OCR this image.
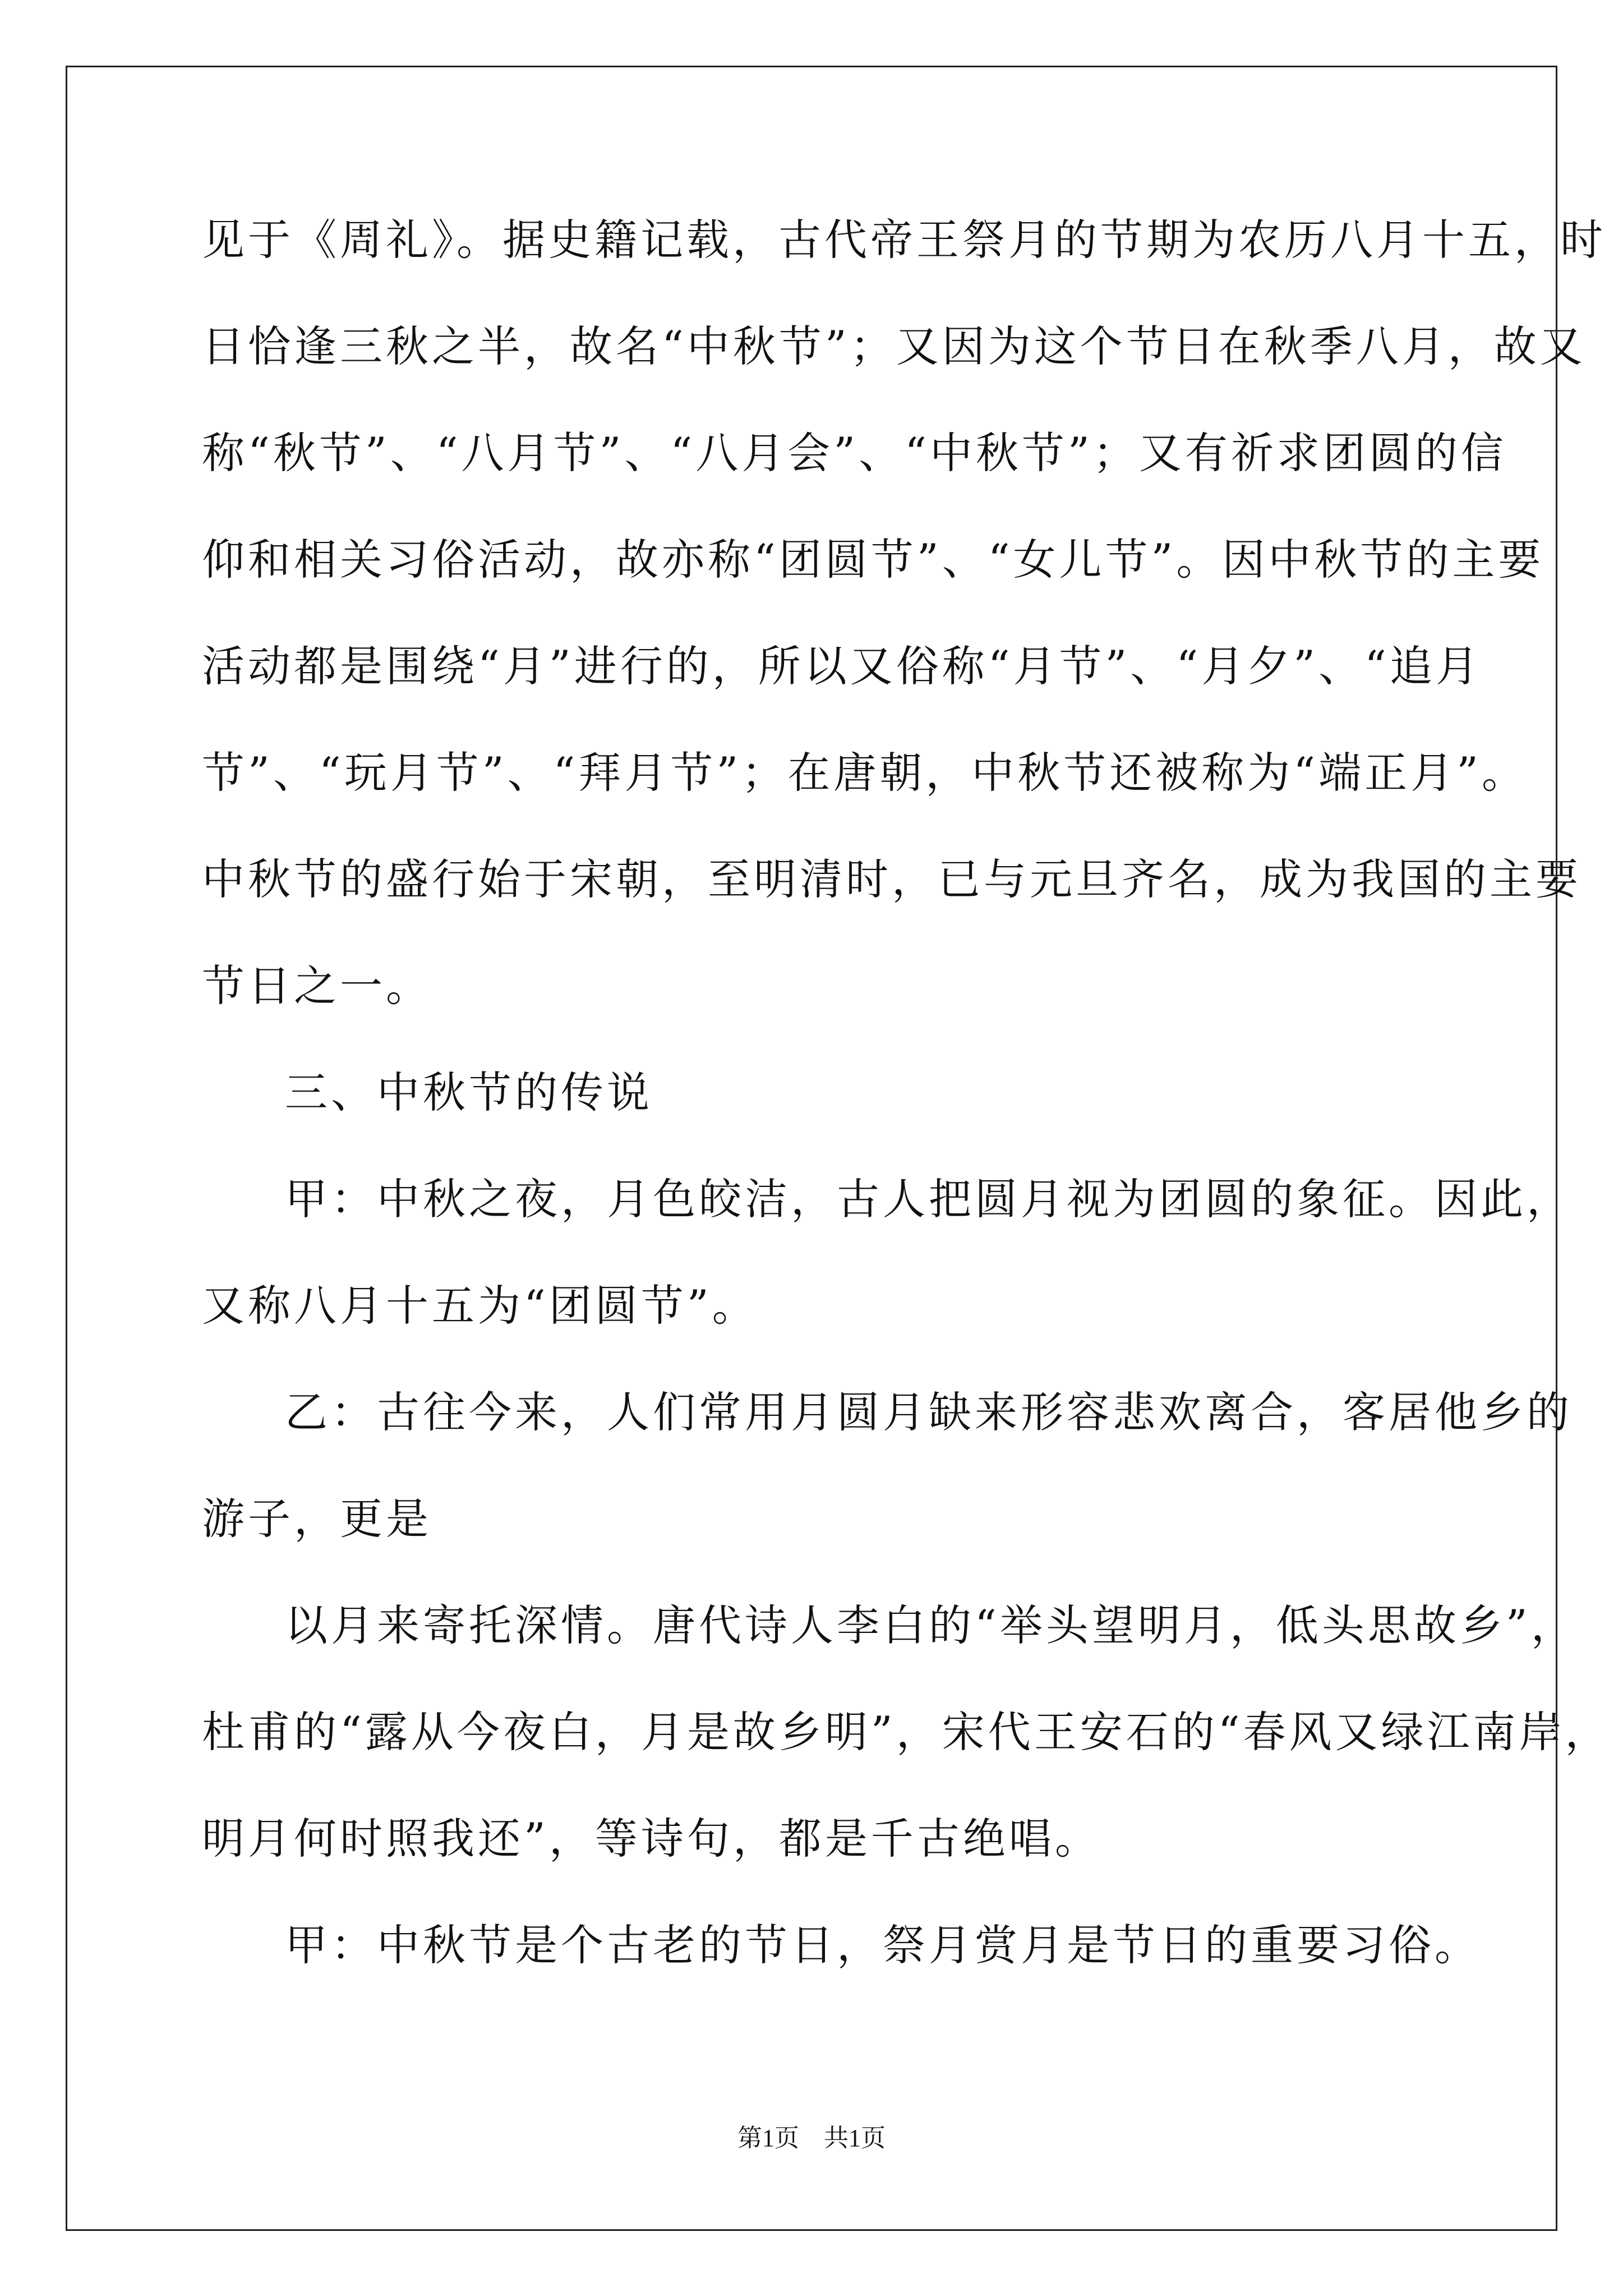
见于《周礼》。据史籍记载，古代帝王祭月的节期为农历八月十五，时
日恰逢三秋之半，故名“中秋节”；又因为这个节日在秋季八月，故又
称“秋节”、“八月节”、“八月会”、“中秋节”；又有祈求团圆的信
仰和相关习俗活动，故亦称“团圆节”、“女儿节”。因中秋节的主要
活动都是围绕“月”进行的，所以又俗称“月节”、“月夕”、“追月
节”、“玩月节”、“拜月节”；在唐朝，中秋节还被称为“端正月”。
中秋节的盛行始于宋朝，至明清时，已与元旦齐名，成为我国的主要
节日之一。
三、中秋节的传说
甲：中秋之夜，月色皎洁，古人把圆月视为团圆的象征。因此，
又称八月十五为“团圆节”。
乙：古往今来，人们常用月圆月缺来形容悲欢离合，客居他乡的
游子，更是
以月来寄托深情。唐代诗人李白的“举头望明月，低头思故乡”，
杜甫的“露从今夜白，月是故乡明”，宋代王安石的“春风又绿江南岸，
明月何时照我还”，等诗句，都是千古绝唱。
甲：中秋节是个古老的节日，祭月赏月是节日的重要习俗。
第1页　共1页
